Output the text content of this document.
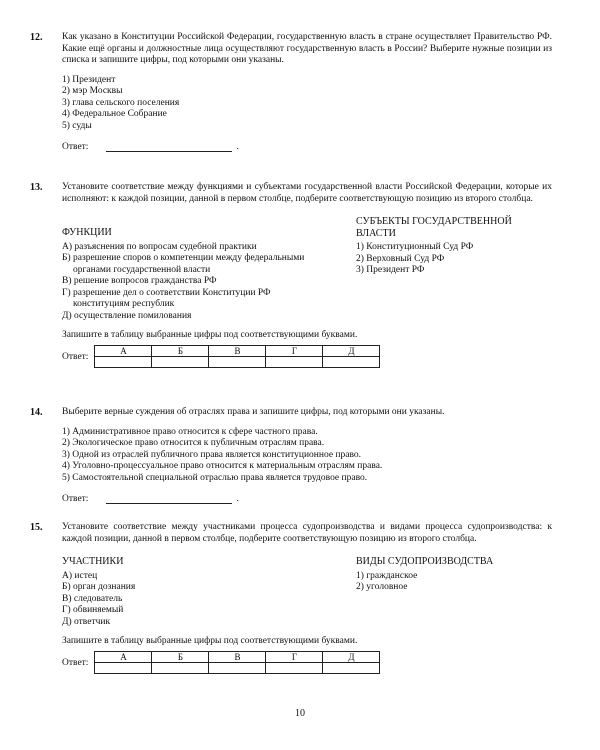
12. Как указано в Конституции Российской Федерации, государственную власть в стране осуществляет Правительство РФ. Какие ещё органы и должностные лица осуществляют государственную власть в России? Выберите нужные позиции из списка и запишите цифры, под которыми они указаны.

1) Президент
2) мэр Москвы
3) глава сельского поселения
4) Федеральное Собрание
5) суды
Ответ:	.
13. Установите соответствие между функциями и субъектами государственной власти Российской Федерации, которые их исполняют: к каждой позиции, данной в первом столбце, подберите соответствующую позицию из второго столбца.

ФУНКЦИИ
А) разъяснения по вопросам судебной практики
Б) разрешение споров о компетенции между федеральными органами государственной власти
В) решение вопросов гражданства РФ
Г) разрешение дел о соответствии Конституции РФ конституциям республик
Д) осуществление помилования
СУБЪЕКТЫ ГОСУДАРСТВЕННОЙ ВЛАСТИ
1) Конституционный Суд РФ
2) Верховный Суд РФ
3) Президент РФ
Запишите в таблицу выбранные цифры под соответствующими буквами.
Ответ:
А	Б	В	Г	Д

14. Выберите верные суждения об отраслях права и запишите цифры, под которыми они указаны.

1) Административное право относится к сфере частного права.
2) Экологическое право относится к публичным отраслям права.
3) Одной из отраслей публичного права является конституционное право.
4) Уголовно-процессуальное право относится к материальным отраслям права.
5) Самостоятельной специальной отраслью права является трудовое право.
Ответ:	.
15. Установите соответствие между участниками процесса судопроизводства и видами процесса судопроизводства: к каждой позиции, данной в первом столбце, подберите соответствующую позицию из второго столбца.

УЧАСТНИКИ
А) истец
Б) орган дознания
В) следователь
Г) обвиняемый
Д) ответчик
ВИДЫ СУДОПРОИЗВОДСТВА
1) гражданское
2) уголовное
Запишите в таблицу выбранные цифры под соответствующими буквами.
Ответ:
А	Б	В	Г	Д

10
